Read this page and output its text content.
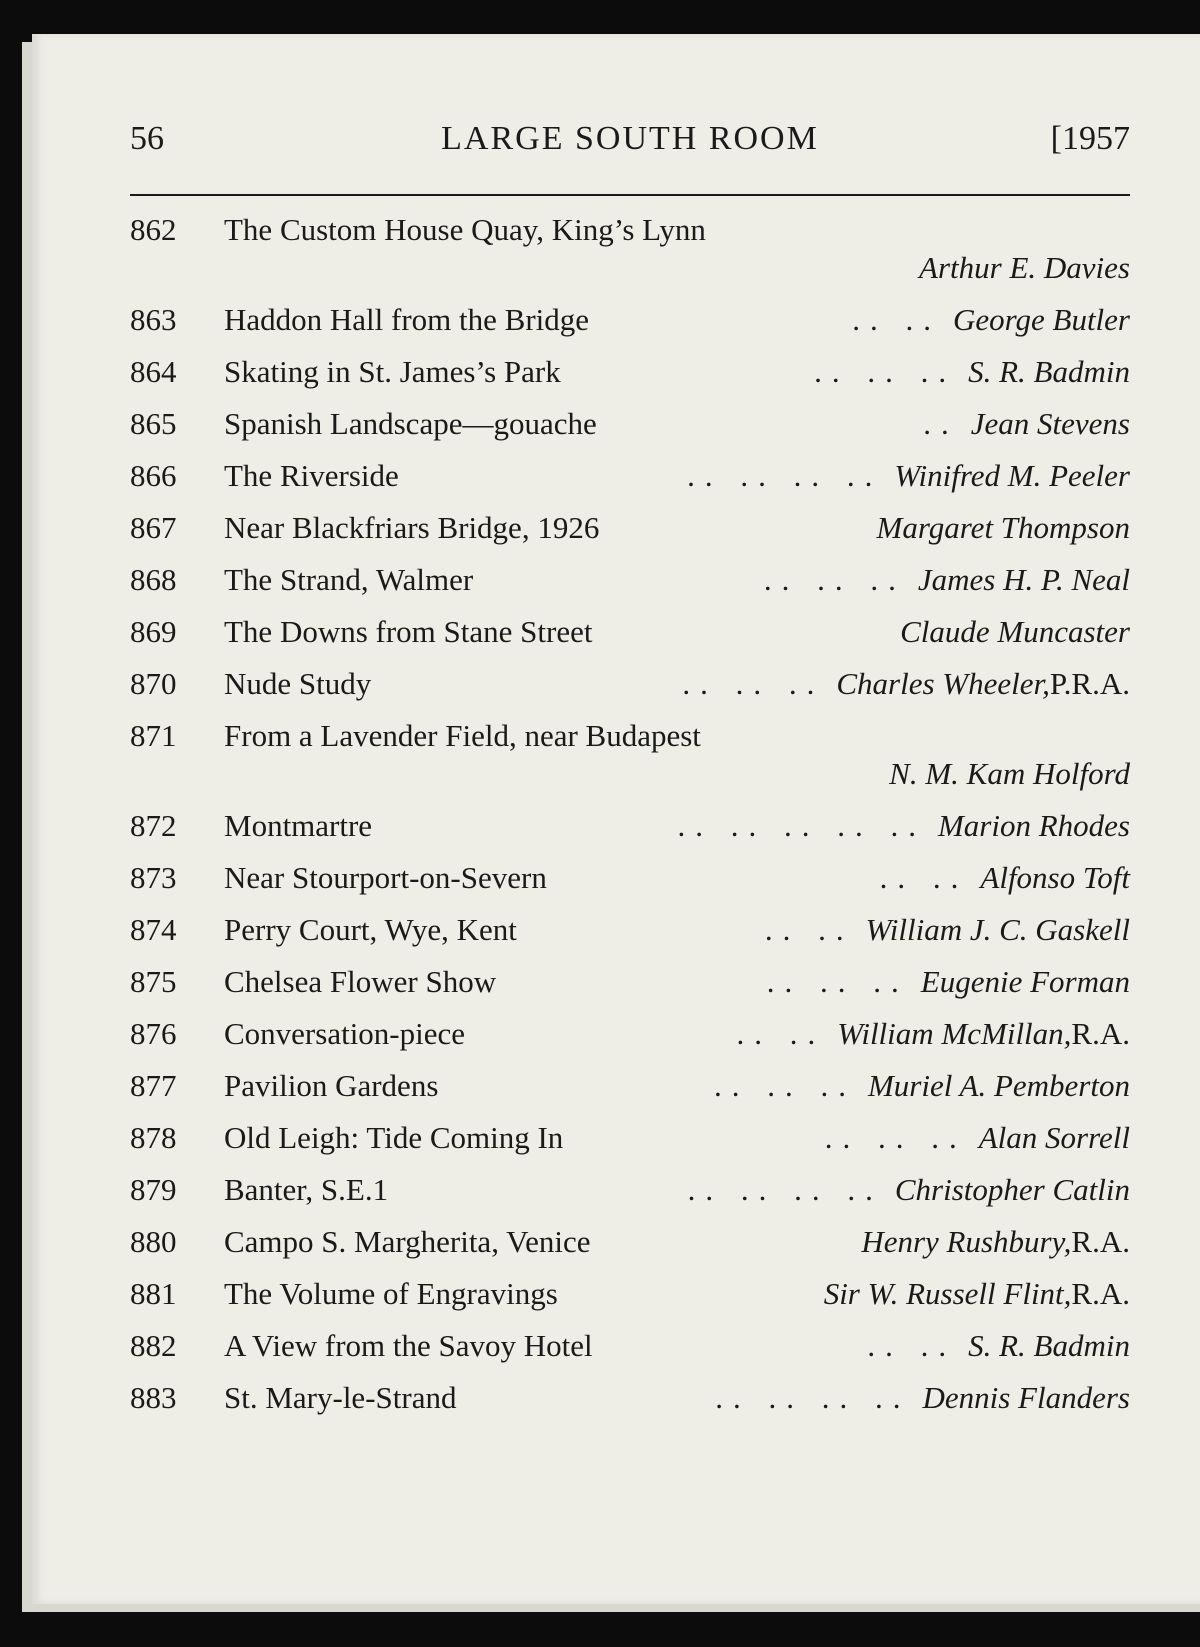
56	LARGE SOUTH ROOM	[1957
862	The Custom House Quay, King’s Lynn
Arthur E. Davies
863	Haddon Hall from the Bridge	.. .. George Butler
864	Skating in St. James’s Park	.. .. .. S. R. Badmin
865	Spanish Landscape—gouache	.. Jean Stevens
866	The Riverside	.. .. .. .. Winifred M. Peeler
867	Near Blackfriars Bridge, 1926	Margaret Thompson
868	The Strand, Walmer	.. .. .. James H. P. Neal
869	The Downs from Stane Street	Claude Muncaster
870	Nude Study	.. .. .. Charles Wheeler, P.R.A.
871	From a Lavender Field, near Budapest
N. M. Kam Holford
872	Montmartre	.. .. .. .. .. Marion Rhodes
873	Near Stourport-on-Severn	.. .. Alfonso Toft
874	Perry Court, Wye, Kent	.. .. William J. C. Gaskell
875	Chelsea Flower Show	.. .. .. Eugenie Forman
876	Conversation-piece	.. .. William McMillan, R.A.
877	Pavilion Gardens	.. .. .. Muriel A. Pemberton
878	Old Leigh: Tide Coming In	.. .. .. Alan Sorrell
879	Banter, S.E.1	.. .. .. .. Christopher Catlin
880	Campo S. Margherita, Venice	Henry Rushbury, R.A.
881	The Volume of Engravings	Sir W. Russell Flint, R.A.
882	A View from the Savoy Hotel	.. .. S. R. Badmin
883	St. Mary-le-Strand	.. .. .. .. Dennis Flanders
